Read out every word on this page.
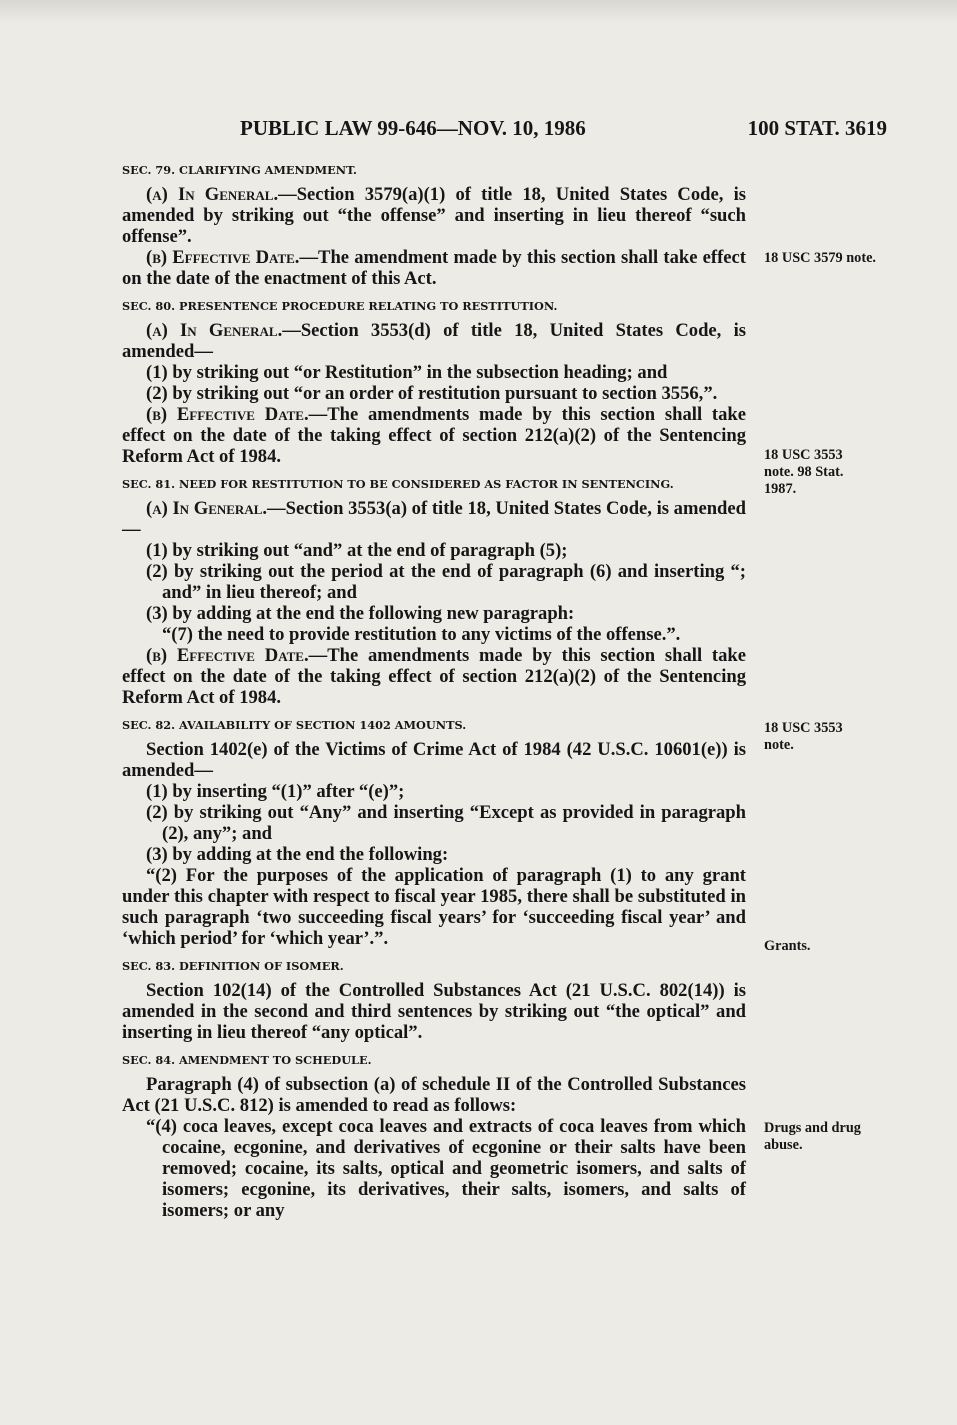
PUBLIC LAW 99-646—NOV. 10, 1986	100 STAT. 3619
SEC. 79. CLARIFYING AMENDMENT.

(a) In General.—Section 3579(a)(1) of title 18, United States Code, is amended by striking out “the offense” and inserting in lieu thereof “such offense”.

(b) Effective Date.—The amendment made by this section shall take effect on the date of the enactment of this Act.

SEC. 80. PRESENTENCE PROCEDURE RELATING TO RESTITUTION.

(a) In General.—Section 3553(d) of title 18, United States Code, is amended—

(1) by striking out “or Restitution” in the subsection heading; and

(2) by striking out “or an order of restitution pursuant to section 3556,”.

(b) Effective Date.—The amendments made by this section shall take effect on the date of the taking effect of section 212(a)(2) of the Sentencing Reform Act of 1984.

SEC. 81. NEED FOR RESTITUTION TO BE CONSIDERED AS FACTOR IN SENTENCING.

(a) In General.—Section 3553(a) of title 18, United States Code, is amended—

(1) by striking out “and” at the end of paragraph (5);

(2) by striking out the period at the end of paragraph (6) and inserting “; and” in lieu thereof; and

(3) by adding at the end the following new paragraph:

“(7) the need to provide restitution to any victims of the offense.”.

(b) Effective Date.—The amendments made by this section shall take effect on the date of the taking effect of section 212(a)(2) of the Sentencing Reform Act of 1984.

SEC. 82. AVAILABILITY OF SECTION 1402 AMOUNTS.

Section 1402(e) of the Victims of Crime Act of 1984 (42 U.S.C. 10601(e)) is amended—

(1) by inserting “(1)” after “(e)”;

(2) by striking out “Any” and inserting “Except as provided in paragraph (2), any”; and

(3) by adding at the end the following:

“(2) For the purposes of the application of paragraph (1) to any grant under this chapter with respect to fiscal year 1985, there shall be substituted in such paragraph ‘two succeeding fiscal years’ for ‘succeeding fiscal year’ and ‘which period’ for ‘which year’.”.

SEC. 83. DEFINITION OF ISOMER.

Section 102(14) of the Controlled Substances Act (21 U.S.C. 802(14)) is amended in the second and third sentences by striking out “the optical” and inserting in lieu thereof “any optical”.

SEC. 84. AMENDMENT TO SCHEDULE.

Paragraph (4) of subsection (a) of schedule II of the Controlled Substances Act (21 U.S.C. 812) is amended to read as follows:

“(4) coca leaves, except coca leaves and extracts of coca leaves from which cocaine, ecgonine, and derivatives of ecgonine or their salts have been removed; cocaine, its salts, optical and geometric isomers, and salts of isomers; ecgonine, its derivatives, their salts, isomers, and salts of isomers; or any

18 USC 3579 note.
18 USC 3553 note. 98 Stat. 1987.
18 USC 3553 note.
Grants.
Drugs and drug abuse.
